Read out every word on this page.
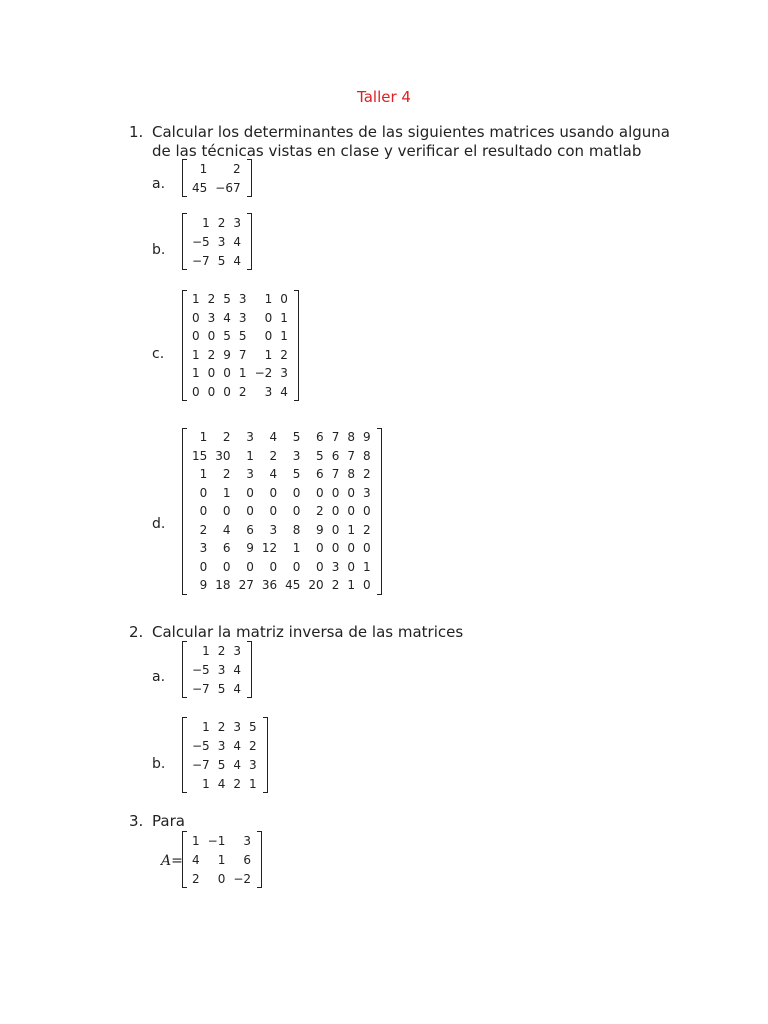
Taller 4
1. Calcular los determinantes de las siguientes matrices usando alguna de las técnicas vistas en clase y verificar el resultado con matlab
a.
1	2
45	−67
b.
1	2	3
−5	3	4
−7	5	4
c.
1	2	5	3	1	0
0	3	4	3	0	1
0	0	5	5	0	1
1	2	9	7	1	2
1	0	0	1	−2	3
0	0	0	2	3	4
d.
1	2	3	4	5	6	7	8	9
15	30	1	2	3	5	6	7	8
1	2	3	4	5	6	7	8	2
0	1	0	0	0	0	0	0	3
0	0	0	0	0	2	0	0	0
2	4	6	3	8	9	0	1	2
3	6	9	12	1	0	0	0	0
0	0	0	0	0	0	3	0	1
9	18	27	36	45	20	2	1	0
2. Calcular la matriz inversa de las matrices
a.
1	2	3
−5	3	4
−7	5	4
b.
1	2	3	5
−5	3	4	2
−7	5	4	3
1	4	2	1
3. Para
A=
1	−1	3
4	1	6
2	0	−2
